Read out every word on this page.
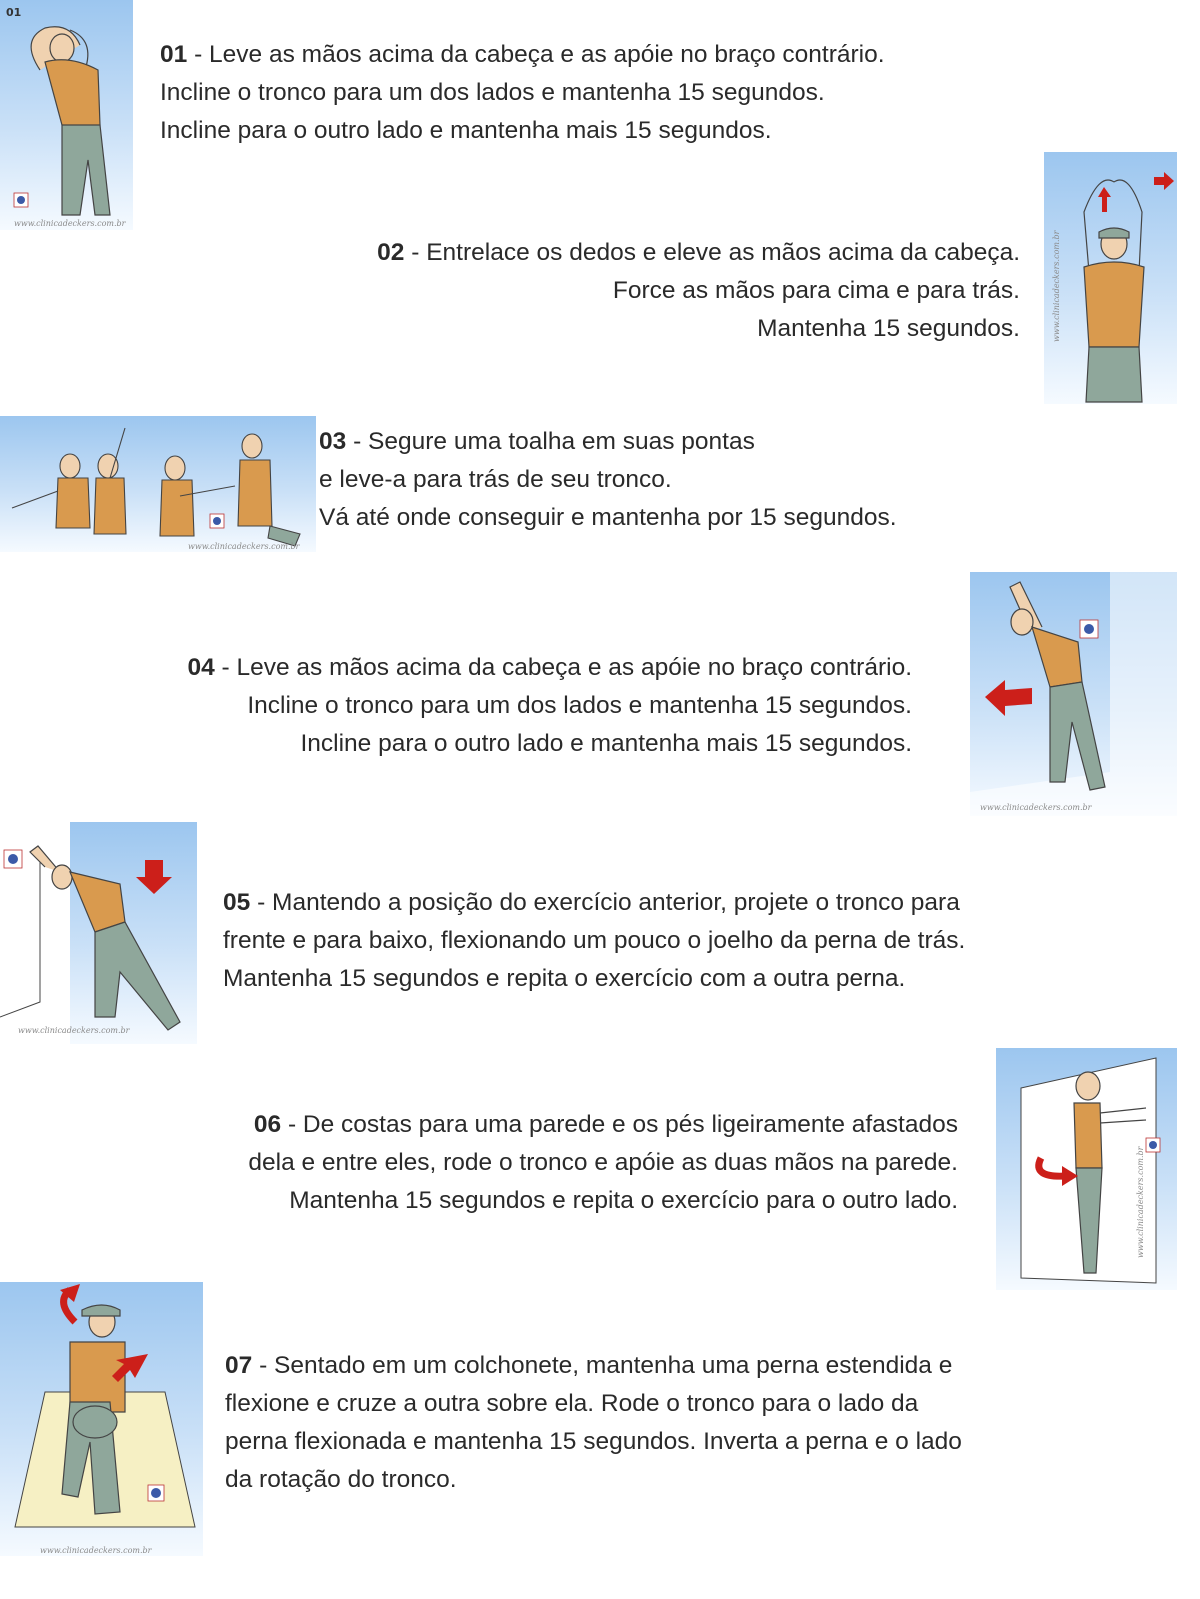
01
www.clinicadeckers.com.br

01 - Leve as mãos acima da cabeça e as apóie no braço contrário.

Incline o tronco para um dos lados e mantenha 15 segundos.

Incline para o outro lado e mantenha mais 15 segundos.

02 - Entrelace os dedos e eleve as mãos acima da cabeça.

Force as mãos para cima e para trás.

Mantenha 15 segundos.	www.clinicadeckers.com.br
www.clinicadeckers.com.br

03 - Segure uma toalha em suas pontas

e leve-a para trás de seu tronco.

Vá até onde conseguir e mantenha por 15 segundos.

04 - Leve as mãos acima da cabeça e as apóie no braço contrário.

Incline o tronco para um dos lados e mantenha 15 segundos.

Incline para o outro lado e mantenha mais 15 segundos.

www.clinicadeckers.com.br
www.clinicadeckers.com.br

05 - Mantendo a posição do exercício anterior, projete o tronco para

frente e para baixo, flexionando um pouco o joelho da perna de trás.

Mantenha 15 segundos e repita o exercício com a outra perna.

06 - De costas para uma parede e os pés ligeiramente afastados

dela e entre eles, rode o tronco e apóie as duas mãos na parede.

Mantenha 15 segundos e repita o exercício para o outro lado.	www.clinicadeckers.com.br
www.clinicadeckers.com.br

07 - Sentado em um colchonete, mantenha uma perna estendida e

flexione e cruze a outra sobre ela. Rode o tronco para o lado da

perna flexionada e mantenha 15 segundos. Inverta a perna e o lado

da rotação do tronco.
